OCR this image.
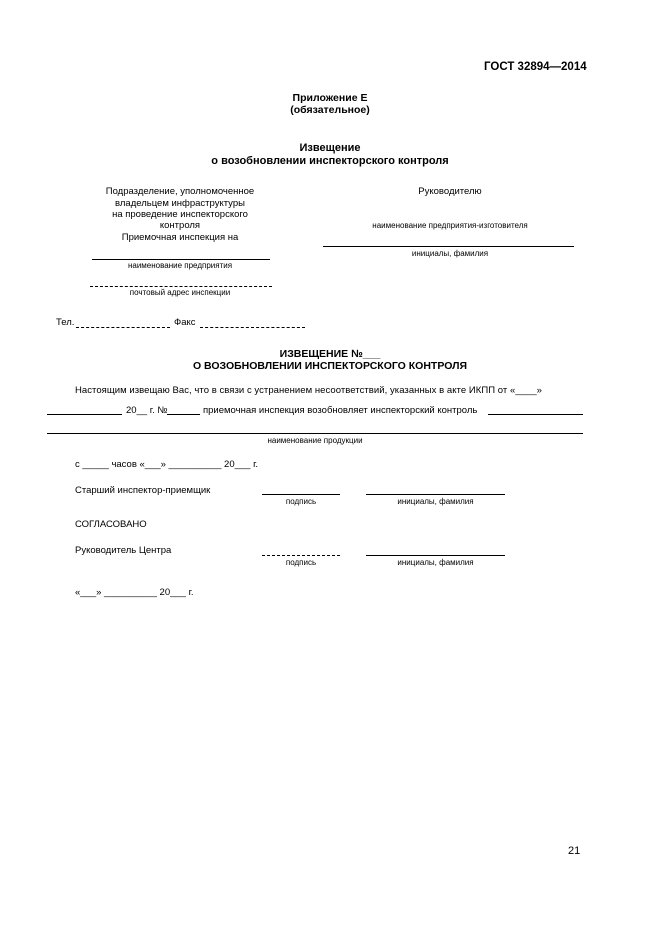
ГОСТ 32894—2014
Приложение Е
(обязательное)
Извещение
о возобновлении инспекторского контроля
Подразделение, уполномоченное
владельцем инфраструктуры
на проведение инспекторского
контроля
Приемочная инспекция на
наименование предприятия
почтовый адрес инспекции
Руководителю
наименование предприятия-изготовителя
инициалы, фамилия
Тел.	Факс
ИЗВЕЩЕНИЕ №___
О ВОЗОБНОВЛЕНИИ ИНСПЕКТОРСКОГО КОНТРОЛЯ
Настоящим извещаю Вас, что в связи с устранением несоответствий, указанных в акте ИКПП от «____»
20__ г. №	приемочная инспекция возобновляет инспекторский контроль
наименование продукции
с _____ часов «___» __________ 20___ г.
Старший инспектор-приемщик
подпись	инициалы, фамилия
СОГЛАСОВАНО
Руководитель Центра
подпись	инициалы, фамилия
«___» __________ 20___ г.
21
